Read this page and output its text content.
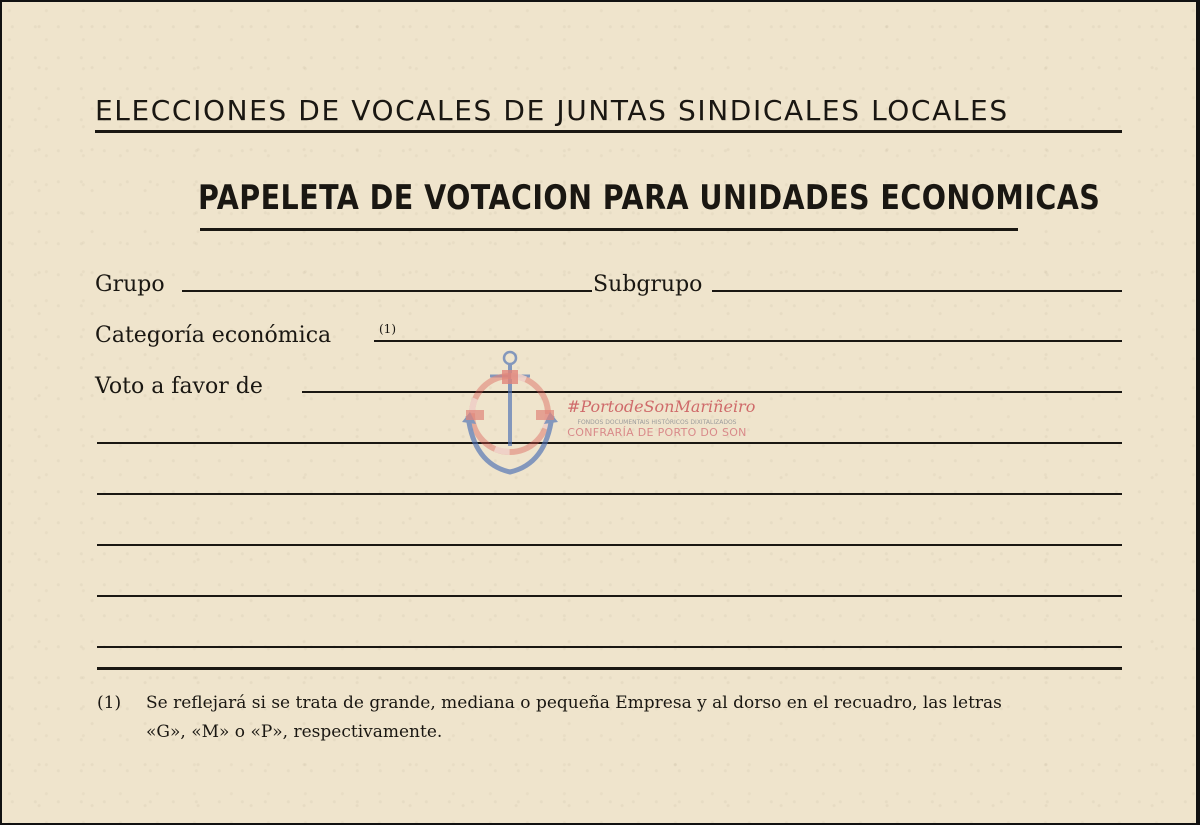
ELECCIONES DE VOCALES DE JUNTAS SINDICALES LOCALES
PAPELETA DE VOTACION PARA UNIDADES ECONOMICAS
Grupo	Subgrupo
Categoría económica	(1)
Voto a favor de
(1) Se reflejará si se trata de grande, mediana o pequeña Empresa y al dorso en el recuadro, las letras
«G», «M» o «P», respectivamente.
#PortodeSonMariñeiro
FONDOS DOCUMENTAIS HISTÓRICOS DIXITALIZADOS
CONFRARÍA DE PORTO DO SON
